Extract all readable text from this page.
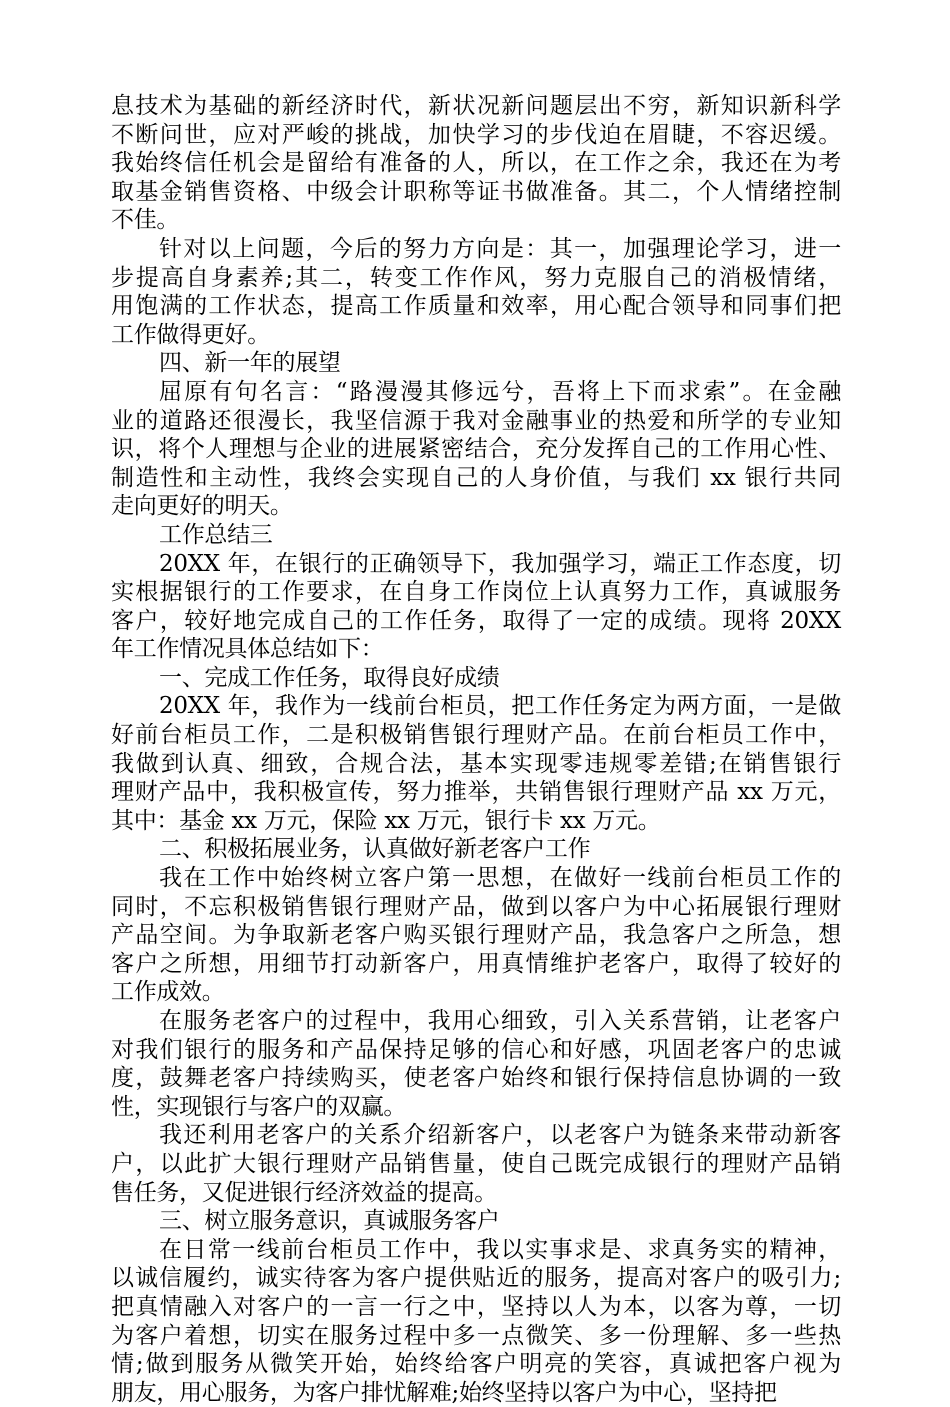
息技术为基础的新经济时代，新状况新问题层出不穷，新知识新科学
不断问世，应对严峻的挑战，加快学习的步伐迫在眉睫，不容迟缓。
我始终信任机会是留给有准备的人，所以，在工作之余，我还在为考
取基金销售资格、中级会计职称等证书做准备。其二，个人情绪控制
不佳。

针对以上问题，今后的努力方向是：其一，加强理论学习，进一
步提高自身素养;其二，转变工作作风，努力克服自己的消极情绪，
用饱满的工作状态，提高工作质量和效率，用心配合领导和同事们把
工作做得更好。

四、新一年的展望

屈原有句名言：“路漫漫其修远兮，吾将上下而求索”。在金融
业的道路还很漫长，我坚信源于我对金融事业的热爱和所学的专业知
识，将个人理想与企业的进展紧密结合，充分发挥自己的工作用心性、
制造性和主动性，我终会实现自己的人身价值，与我们 xx 银行共同
走向更好的明天。

工作总结三

20XX 年，在银行的正确领导下，我加强学习，端正工作态度，切
实根据银行的工作要求，在自身工作岗位上认真努力工作，真诚服务
客户，较好地完成自己的工作任务，取得了一定的成绩。现将 20XX
年工作情况具体总结如下：

一、完成工作任务，取得良好成绩

20XX 年，我作为一线前台柜员，把工作任务定为两方面，一是做
好前台柜员工作，二是积极销售银行理财产品。在前台柜员工作中，
我做到认真、细致，合规合法，基本实现零违规零差错;在销售银行
理财产品中，我积极宣传，努力推举，共销售银行理财产品 xx 万元，
其中：基金 xx 万元，保险 xx 万元，银行卡 xx 万元。

二、积极拓展业务，认真做好新老客户工作

我在工作中始终树立客户第一思想，在做好一线前台柜员工作的
同时，不忘积极销售银行理财产品，做到以客户为中心拓展银行理财
产品空间。为争取新老客户购买银行理财产品，我急客户之所急，想
客户之所想，用细节打动新客户，用真情维护老客户，取得了较好的
工作成效。

在服务老客户的过程中，我用心细致，引入关系营销，让老客户
对我们银行的服务和产品保持足够的信心和好感，巩固老客户的忠诚
度，鼓舞老客户持续购买，使老客户始终和银行保持信息协调的一致
性，实现银行与客户的双赢。

我还利用老客户的关系介绍新客户，以老客户为链条来带动新客
户，以此扩大银行理财产品销售量，使自己既完成银行的理财产品销
售任务，又促进银行经济效益的提高。

三、树立服务意识，真诚服务客户

在日常一线前台柜员工作中，我以实事求是、求真务实的精神，
以诚信履约，诚实待客为客户提供贴近的服务，提高对客户的吸引力;
把真情融入对客户的一言一行之中，坚持以人为本，以客为尊，一切
为客户着想，切实在服务过程中多一点微笑、多一份理解、多一些热
情;做到服务从微笑开始，始终给客户明亮的笑容，真诚把客户视为
朋友，用心服务，为客户排忧解难;始终坚持以客户为中心，坚持把
